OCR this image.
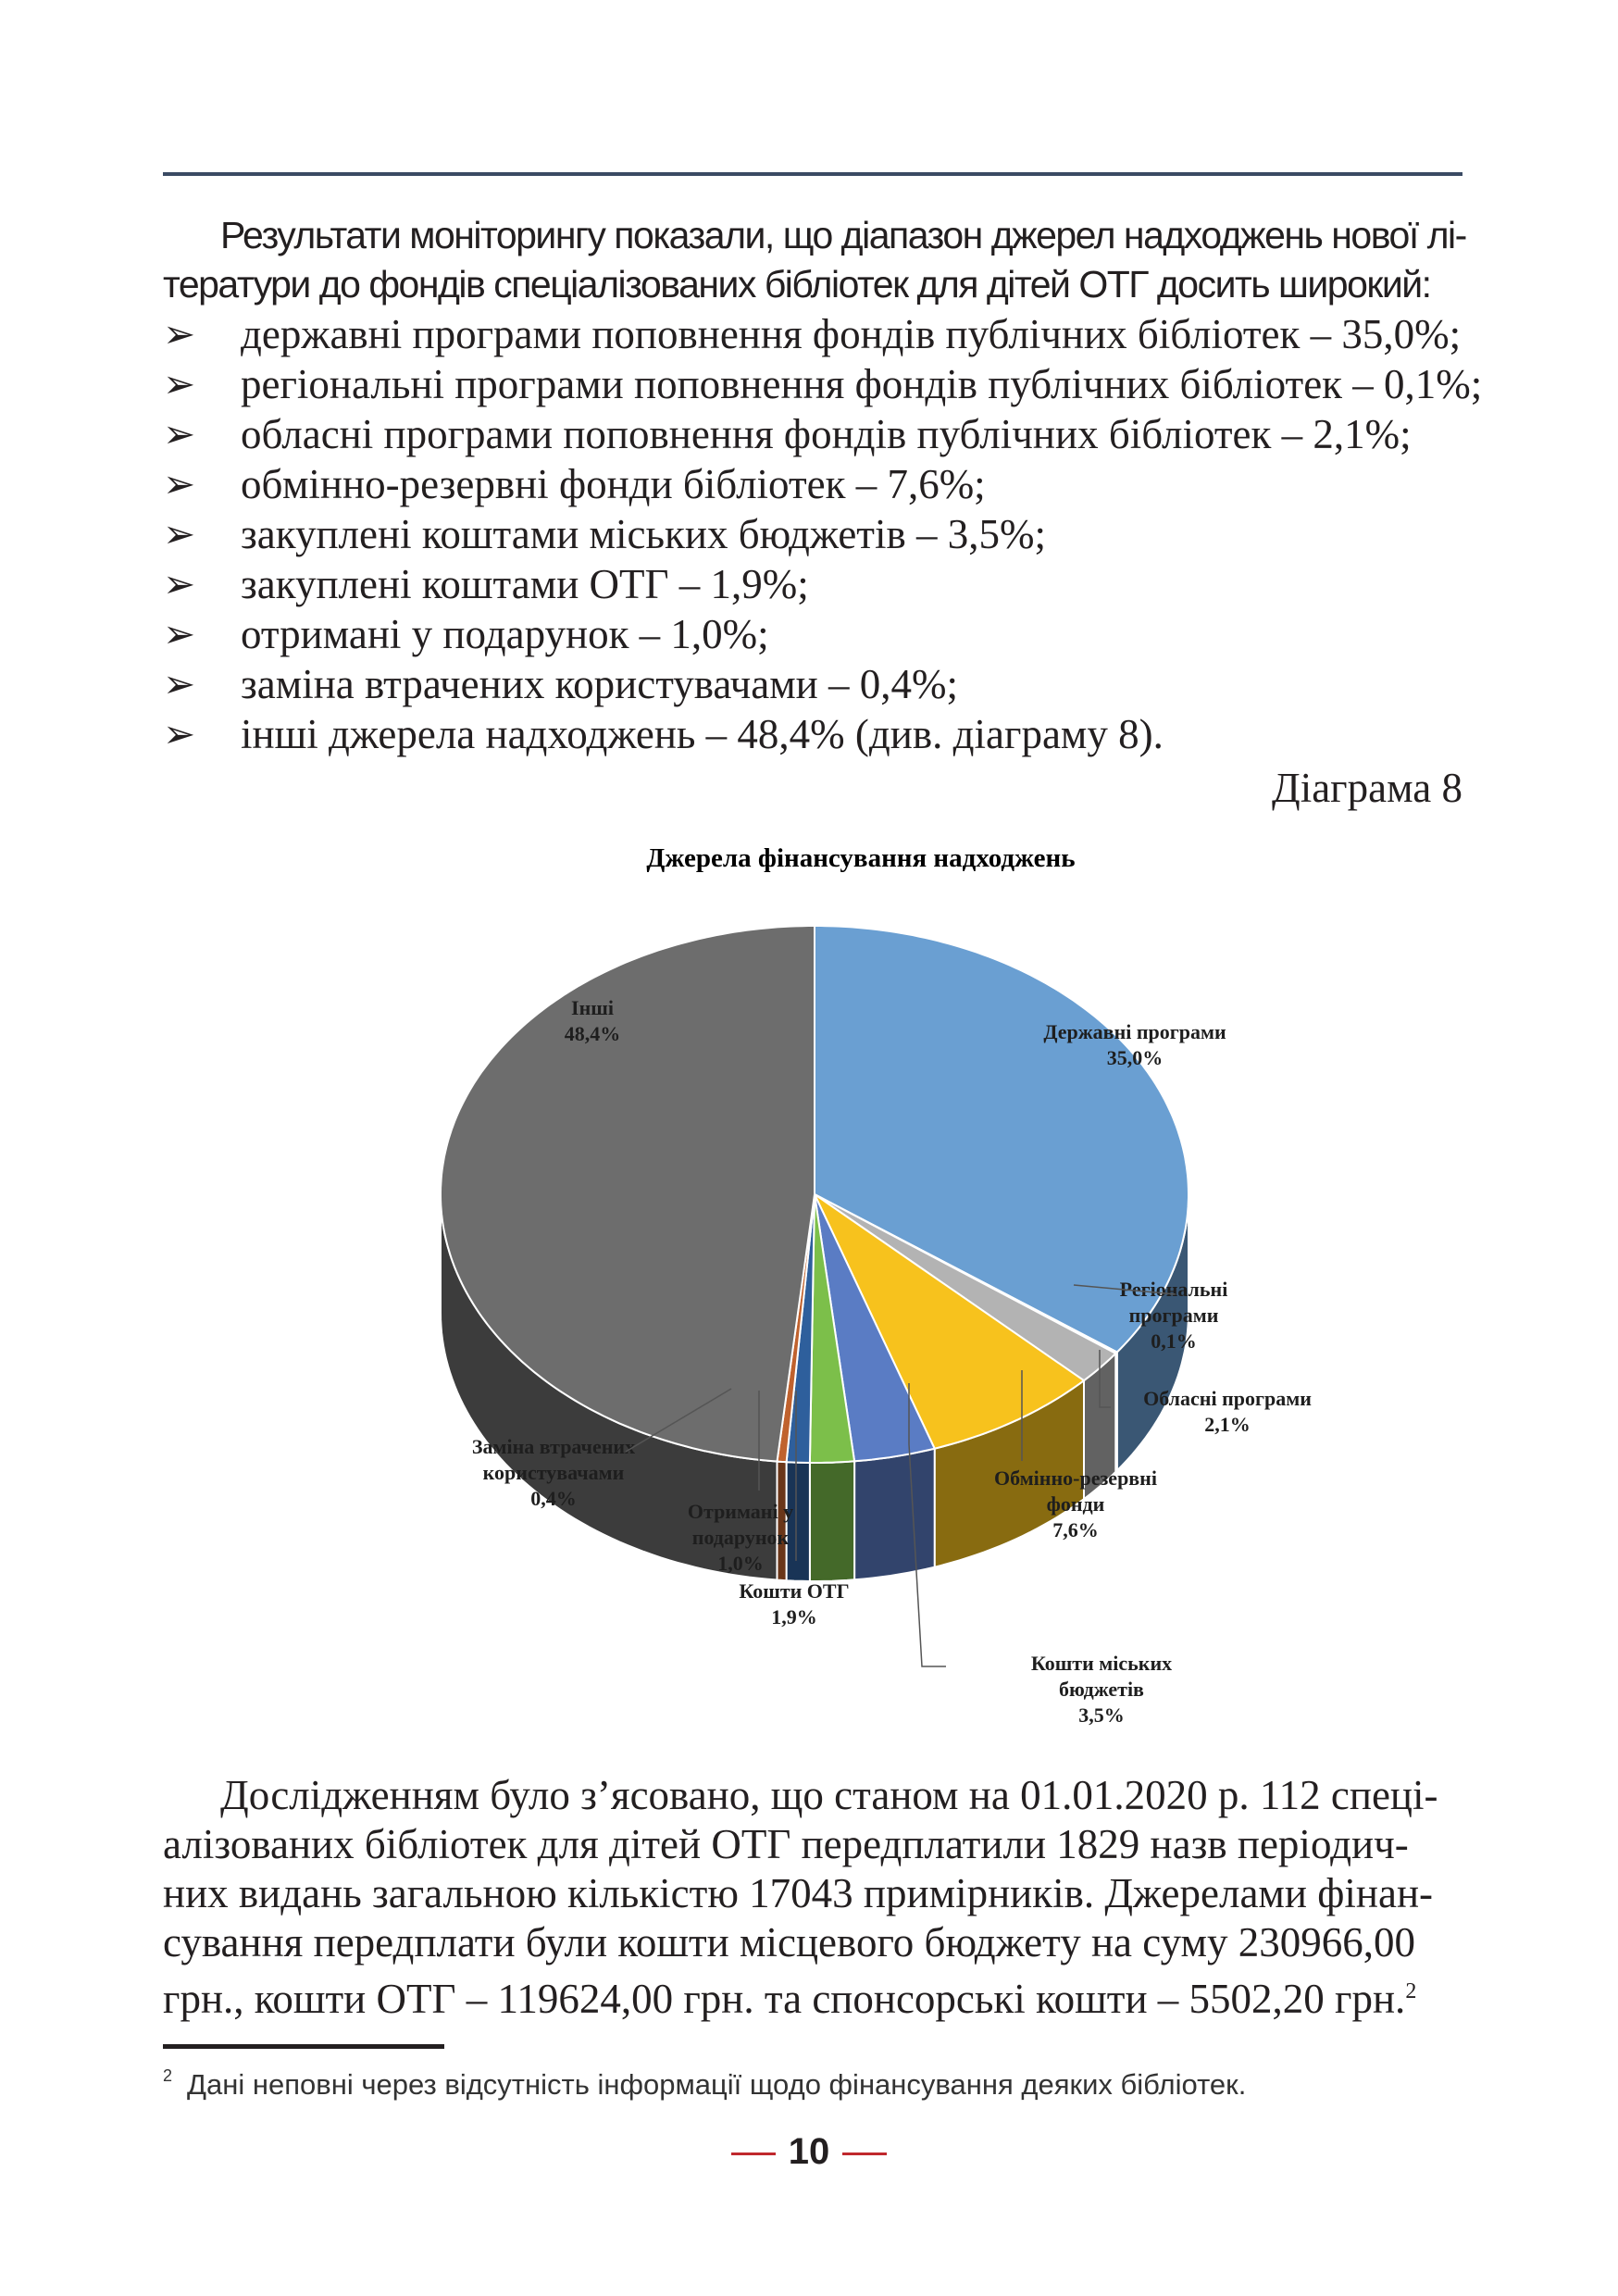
Результати моніторингу показали, що діапазон джерел надходжень нової лі-
тератури до фондів спеціалізованих бібліотек для дітей ОТГ досить широкий:

➢ державні програми поповнення фондів публічних бібліотек – 35,0%;
➢ регіональні програми поповнення фондів публічних бібліотек – 0,1%;
➢ обласні програми поповнення фондів публічних бібліотек – 2,1%;
➢ обмінно-резервні фонди бібліотек – 7,6%;
➢ закуплені коштами міських бюджетів – 3,5%;
➢ закуплені коштами ОТГ – 1,9%;
➢ отримані у подарунок – 1,0%;
➢ заміна втрачених користувачами – 0,4%;
➢ інші джерела надходжень – 48,4% (див. діаграму 8).
Діаграма 8
Джерела фінансування надходжень
Державні програми
35,0%
Інші
48,4%
Регіональні
програми
0,1%
Обласні програми
2,1%
Обмінно-резервні
фонди
7,6%
Кошти міських
бюджетів
3,5%
Кошти ОТГ
1,9%
Отримані у
подарунок
1,0%
Заміна втрачених
користувачами
0,4%

Дослідженням було з’ясовано, що станом на 01.01.2020 р. 112 спеці-
алізованих бібліотек для дітей ОТГ передплатили 1829 назв періодич-
них видань загальною кількістю 17043 примірників. Джерелами фінан-
сування передплати були кошти місцевого бюджету на суму 230966,00
грн., кошти ОТГ – 119624,00 грн. та спонсорські кошти – 5502,20 грн.$^2$

$^2$ Дані неповні через відсутність інформації щодо фінансування деяких бібліотек.
10
